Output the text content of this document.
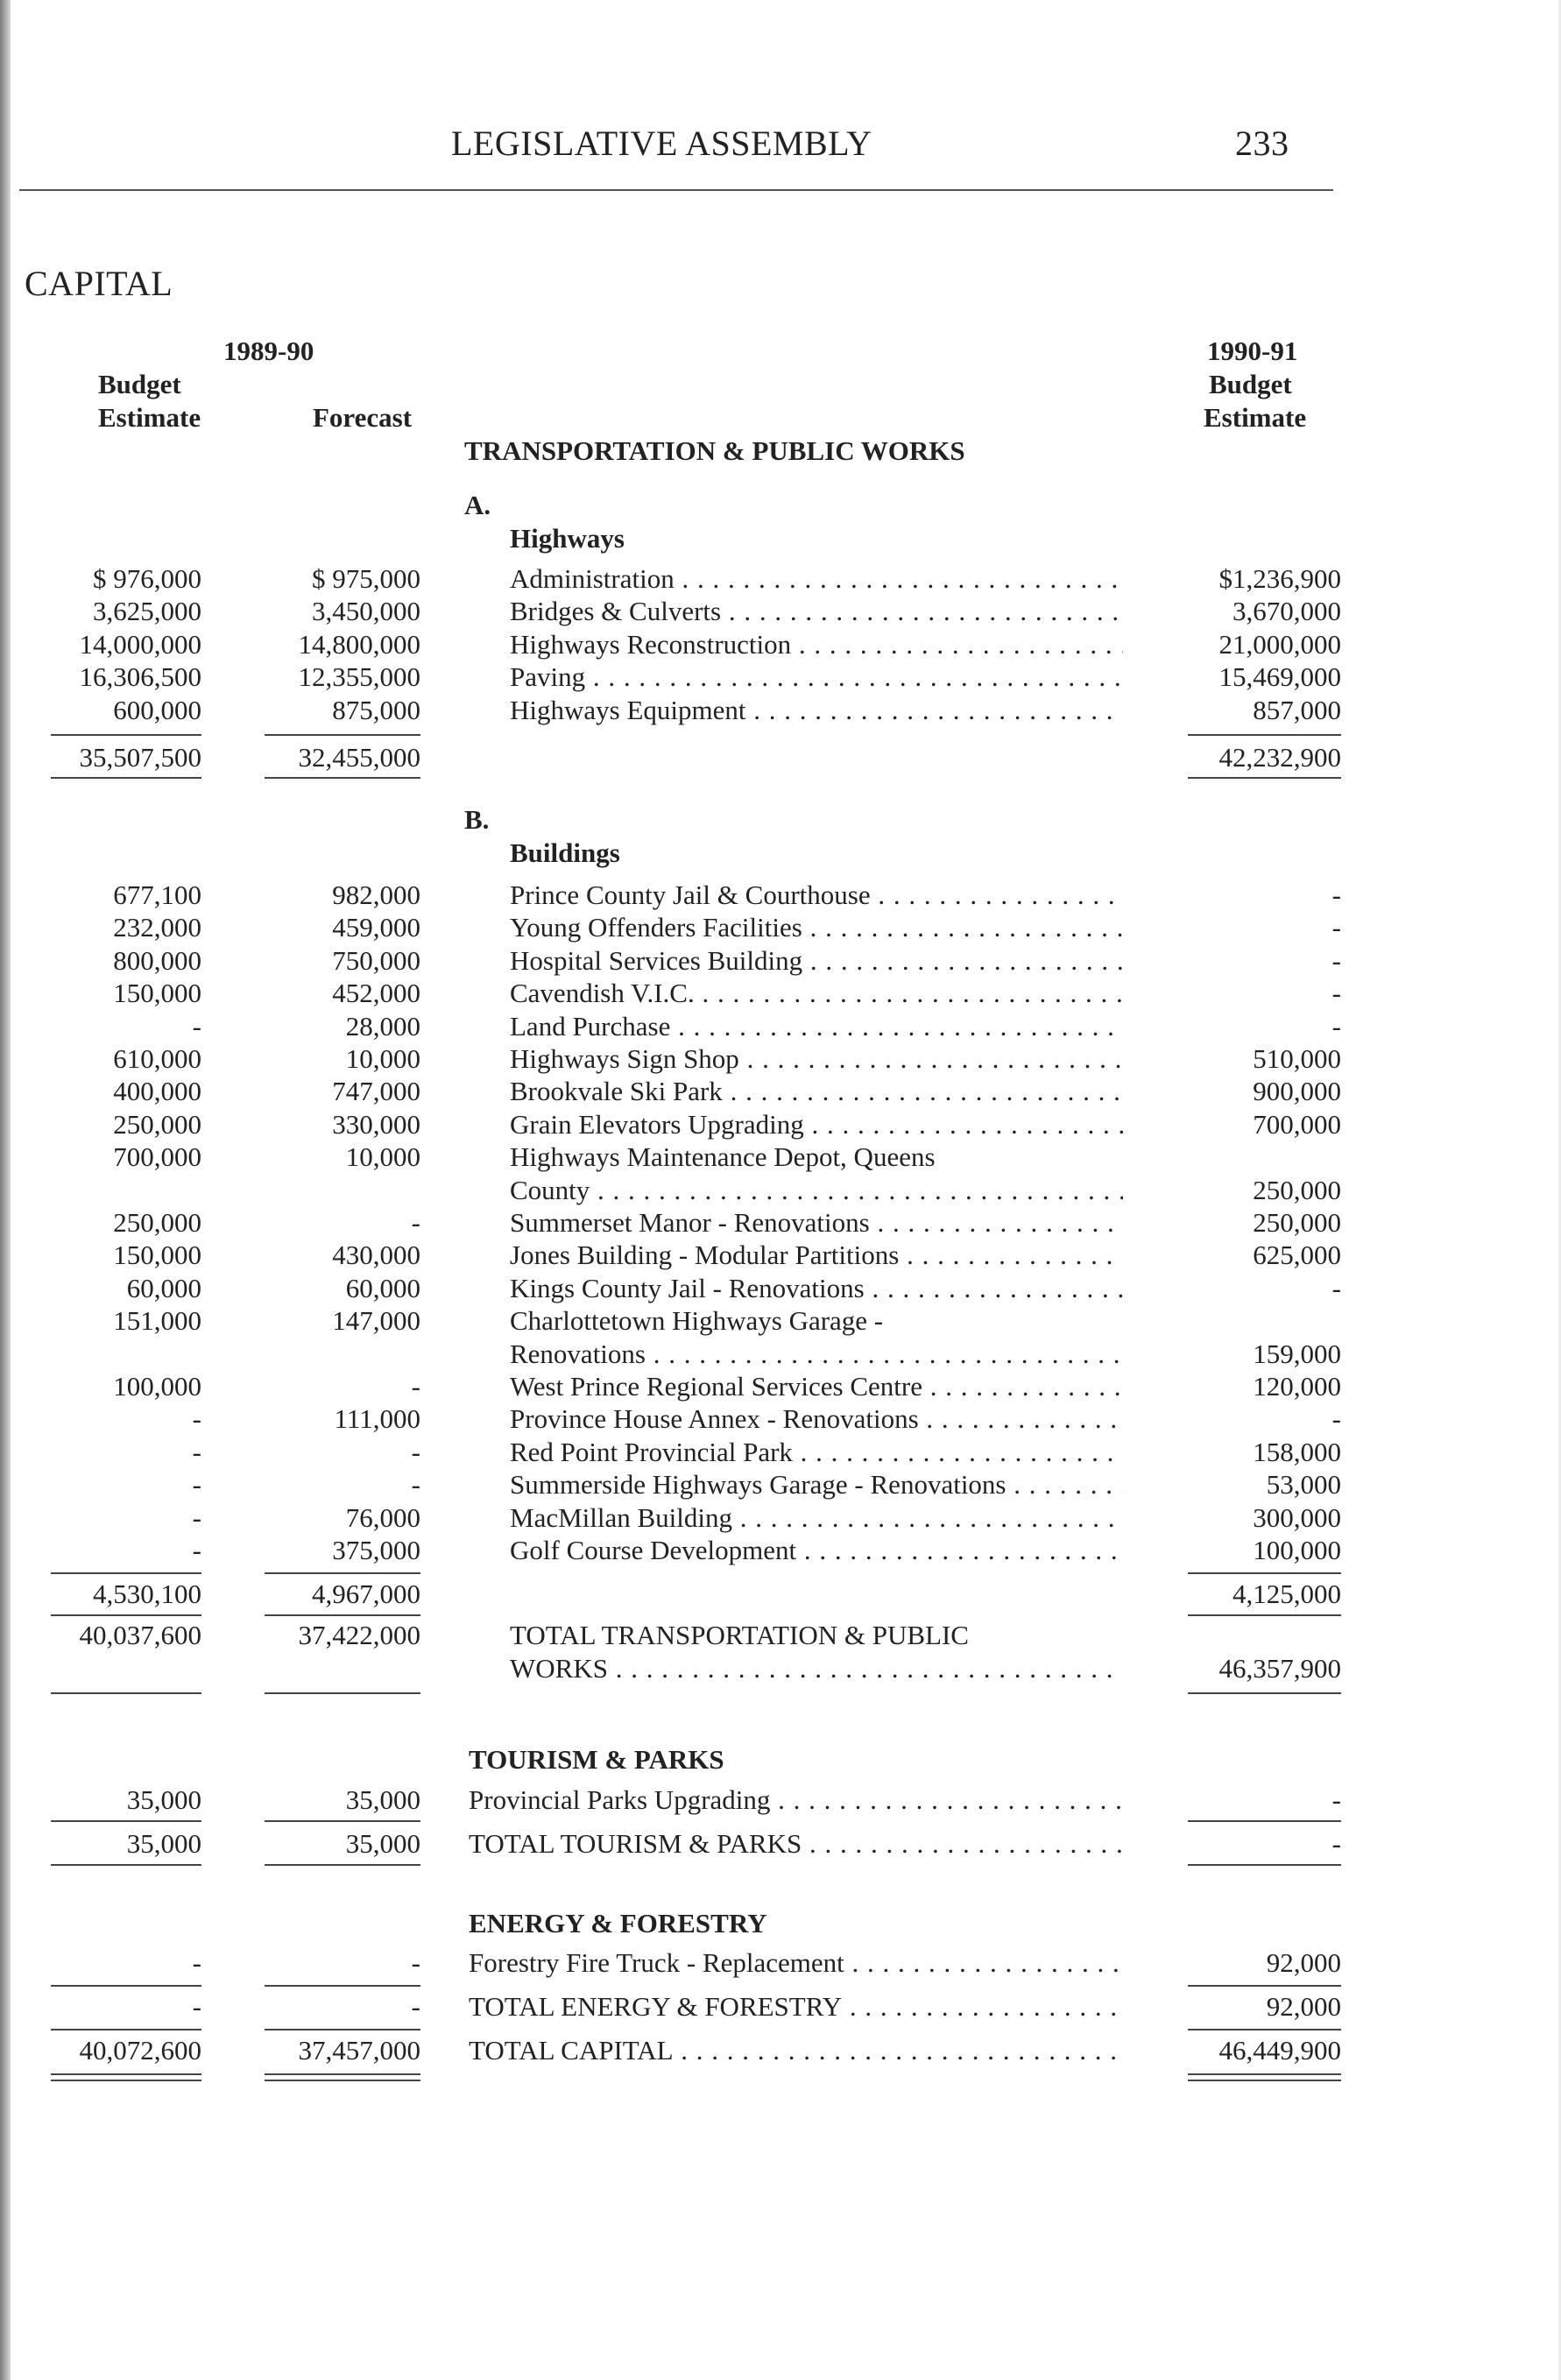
LEGISLATIVE ASSEMBLY	233
CAPITAL
1989-90
Budget
Estimate	Forecast
1990-91
Budget
Estimate
TRANSPORTATION & PUBLIC WORKS
A.
Highways
$ 976,000	$ 975,000	Administration . . .	$1,236,900
3,625,000	3,450,000	Bridges & Culverts . . .	3,670,000
14,000,000	14,800,000	Highways Reconstruction . . .	21,000,000
16,306,500	12,355,000	Paving . . .	15,469,000
600,000	875,000	Highways Equipment . . .	857,000
35,507,500	32,455,000	42,232,900
B.
Buildings
677,100	982,000	Prince County Jail & Courthouse . . .	-
232,000	459,000	Young Offenders Facilities . . .	-
800,000	750,000	Hospital Services Building . . .	-
150,000	452,000	Cavendish V.I.C. . . .	-
-	28,000	Land Purchase . . .	-
610,000	10,000	Highways Sign Shop . . .	510,000
400,000	747,000	Brookvale Ski Park . . .	900,000
250,000	330,000	Grain Elevators Upgrading . . .	700,000
700,000	10,000	Highways Maintenance Depot, Queens
County . . .	250,000
250,000	-	Summerset Manor - Renovations . . .	250,000
150,000	430,000	Jones Building - Modular Partitions . . .	625,000
60,000	60,000	Kings County Jail - Renovations . . .	-
151,000	147,000	Charlottetown Highways Garage -
Renovations . . .	159,000
100,000	-	West Prince Regional Services Centre . . .	120,000
-	111,000	Province House Annex - Renovations . . .	-
-	-	Red Point Provincial Park . . .	158,000
-	-	Summerside Highways Garage - Renovations . . .	53,000
-	76,000	MacMillan Building . . .	300,000
-	375,000	Golf Course Development . . .	100,000
4,530,100	4,967,000	4,125,000
40,037,600	37,422,000	TOTAL TRANSPORTATION & PUBLIC
WORKS . . .	46,357,900
TOURISM & PARKS
35,000	35,000 Provincial Parks Upgrading . . .	-
35,000	35,000 TOTAL TOURISM & PARKS . . .	-
ENERGY & FORESTRY
-	- Forestry Fire Truck - Replacement . . .	92,000
-	- TOTAL ENERGY & FORESTRY . . .	92,000
40,072,600	37,457,000 TOTAL CAPITAL . . .	46,449,900
